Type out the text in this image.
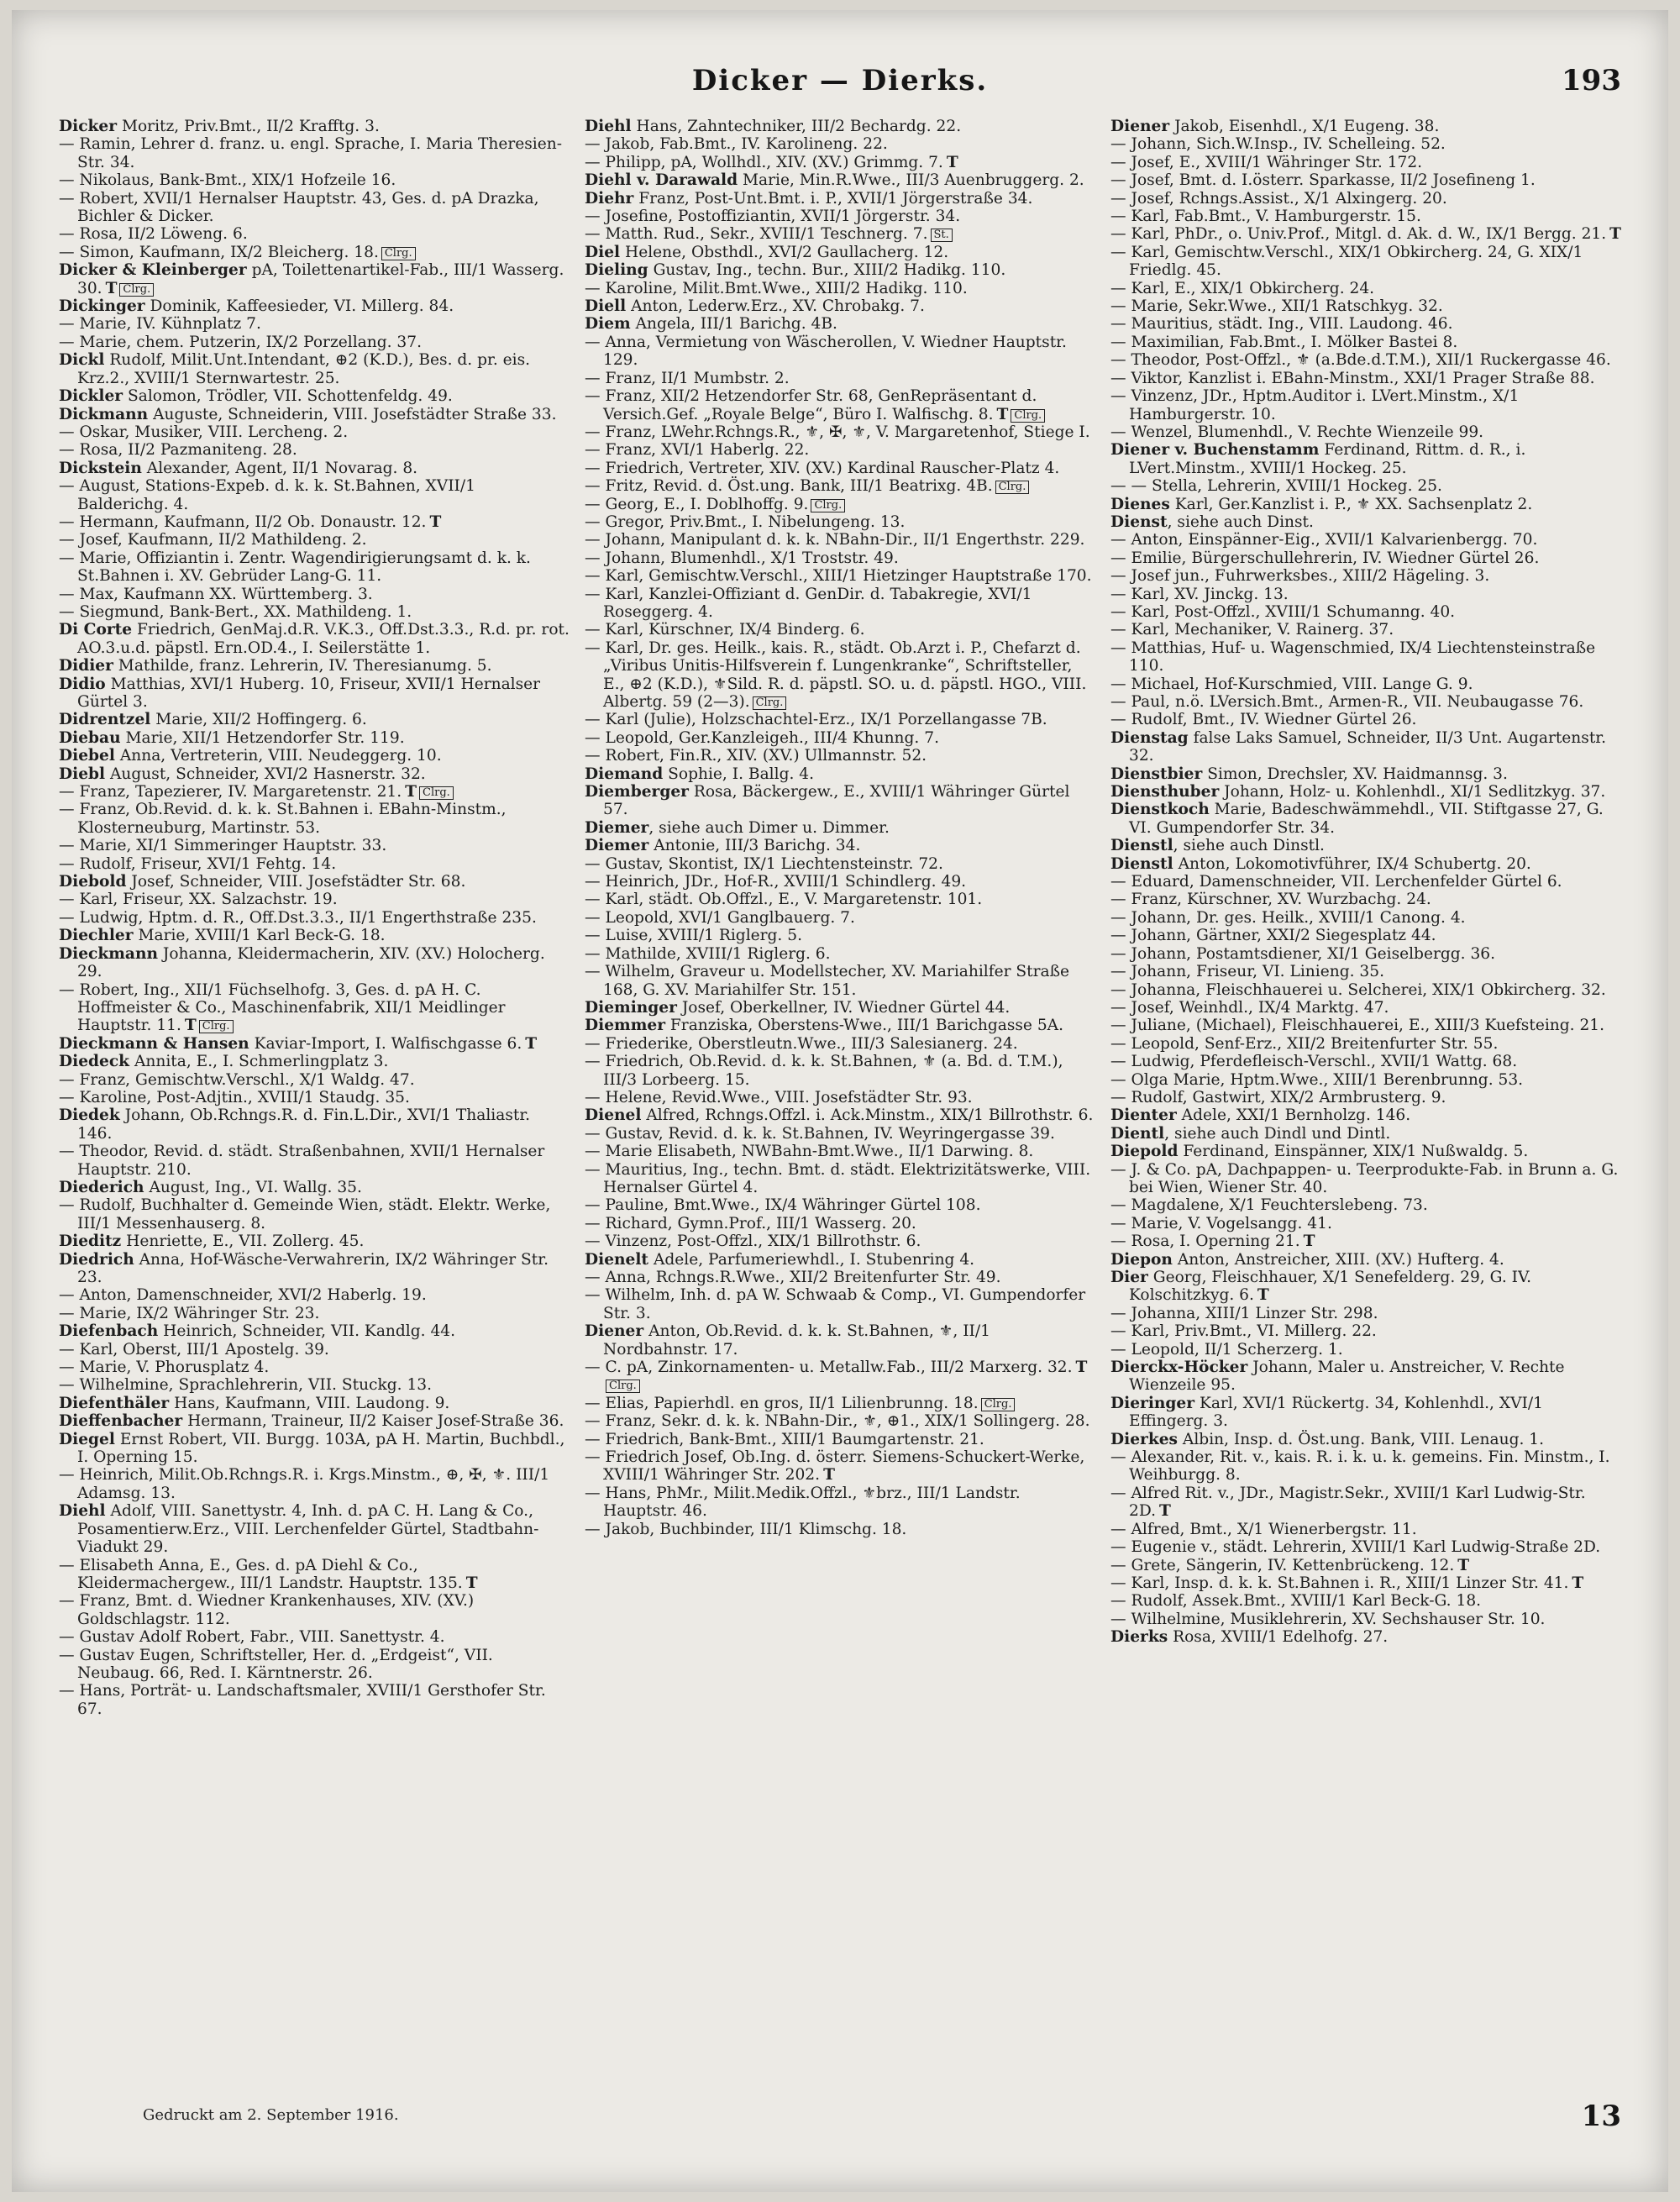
Dicker — Dierks.	193

Dicker Moritz, Priv.Bmt., II/2 Krafftg. 3.

— Ramin, Lehrer d. franz. u. engl. Sprache, I. Maria Theresien-Str. 34.

— Nikolaus, Bank-Bmt., XIX/1 Hofzeile 16.

— Robert, XVII/1 Hernalser Hauptstr. 43, Ges. d. pA Drazka, Bichler & Dicker.

— Rosa, II/2 Löweng. 6.

— Simon, Kaufmann, IX/2 Bleicherg. 18. Clrg.

Dicker & Kleinberger pA, Toilettenartikel-Fab., III/1 Wasserg. 30. T Clrg.

Dickinger Dominik, Kaffeesieder, VI. Millerg. 84.

— Marie, IV. Kühnplatz 7.

— Marie, chem. Putzerin, IX/2 Porzellang. 37.

Dickl Rudolf, Milit.Unt.Intendant, ⊕2 (K.D.), Bes. d. pr. eis. Krz.2., XVIII/1 Sternwartestr. 25.

Dickler Salomon, Trödler, VII. Schottenfeldg. 49.

Dickmann Auguste, Schneiderin, VIII. Josefstädter Straße 33.

— Oskar, Musiker, VIII. Lercheng. 2.

— Rosa, II/2 Pazmaniteng. 28.

Dickstein Alexander, Agent, II/1 Novarag. 8.

— August, Stations-Expeb. d. k. k. St.Bahnen, XVII/1 Balderichg. 4.

— Hermann, Kaufmann, II/2 Ob. Donaustr. 12. T

— Josef, Kaufmann, II/2 Mathildeng. 2.

— Marie, Offiziantin i. Zentr. Wagendirigierungsamt d. k. k. St.Bahnen i. XV. Gebrüder Lang-G. 11.

— Max, Kaufmann XX. Württemberg. 3.

— Siegmund, Bank-Bert., XX. Mathildeng. 1.

Di Corte Friedrich, GenMaj.d.R. V.K.3., Off.Dst.3.3., R.d. pr. rot. AO.3.u.d. päpstl. Ern.OD.4., I. Seilerstätte 1.

Didier Mathilde, franz. Lehrerin, IV. Theresianumg. 5.

Didio Matthias, XVI/1 Huberg. 10, Friseur, XVII/1 Hernalser Gürtel 3.

Didrentzel Marie, XII/2 Hoffingerg. 6.

Diebau Marie, XII/1 Hetzendorfer Str. 119.

Diebel Anna, Vertreterin, VIII. Neudeggerg. 10.

Diebl August, Schneider, XVI/2 Hasnerstr. 32.

— Franz, Tapezierer, IV. Margaretenstr. 21. T Clrg.

— Franz, Ob.Revid. d. k. k. St.Bahnen i. EBahn-Minstm., Klosterneuburg, Martinstr. 53.

— Marie, XI/1 Simmeringer Hauptstr. 33.

— Rudolf, Friseur, XVI/1 Fehtg. 14.

Diebold Josef, Schneider, VIII. Josefstädter Str. 68.

— Karl, Friseur, XX. Salzachstr. 19.

— Ludwig, Hptm. d. R., Off.Dst.3.3., II/1 Engerthstraße 235.

Diechler Marie, XVIII/1 Karl Beck-G. 18.

Dieckmann Johanna, Kleidermacherin, XIV. (XV.) Holocherg. 29.

— Robert, Ing., XII/1 Füchselhofg. 3, Ges. d. pA H. C. Hoffmeister & Co., Maschinenfabrik, XII/1 Meidlinger Hauptstr. 11. T Clrg.

Dieckmann & Hansen Kaviar-Import, I. Walfischgasse 6. T

Diedeck Annita, E., I. Schmerlingplatz 3.

— Franz, Gemischtw.Verschl., X/1 Waldg. 47.

— Karoline, Post-Adjtin., XVIII/1 Staudg. 35.

Diedek Johann, Ob.Rchngs.R. d. Fin.L.Dir., XVI/1 Thaliastr. 146.

— Theodor, Revid. d. städt. Straßenbahnen, XVII/1 Hernalser Hauptstr. 210.

Diederich August, Ing., VI. Wallg. 35.

— Rudolf, Buchhalter d. Gemeinde Wien, städt. Elektr. Werke, III/1 Messenhauserg. 8.

Dieditz Henriette, E., VII. Zollerg. 45.

Diedrich Anna, Hof-Wäsche-Verwahrerin, IX/2 Währinger Str. 23.

— Anton, Damenschneider, XVI/2 Haberlg. 19.

— Marie, IX/2 Währinger Str. 23.

Diefenbach Heinrich, Schneider, VII. Kandlg. 44.

— Karl, Oberst, III/1 Apostelg. 39.

— Marie, V. Phorusplatz 4.

— Wilhelmine, Sprachlehrerin, VII. Stuckg. 13.

Diefenthäler Hans, Kaufmann, VIII. Laudong. 9.

Dieffenbacher Hermann, Traineur, II/2 Kaiser Josef-Straße 36.

Diegel Ernst Robert, VII. Burgg. 103A, pA H. Martin, Buchbdl., I. Operning 15.

— Heinrich, Milit.Ob.Rchngs.R. i. Krgs.Minstm., ⊕, ✠, ⚜. III/1 Adamsg. 13.

Diehl Adolf, VIII. Sanettystr. 4, Inh. d. pA C. H. Lang & Co., Posamentierw.Erz., VIII. Lerchenfelder Gürtel, Stadtbahn-Viadukt 29.

— Elisabeth Anna, E., Ges. d. pA Diehl & Co., Kleidermachergew., III/1 Landstr. Hauptstr. 135. T

— Franz, Bmt. d. Wiedner Krankenhauses, XIV. (XV.) Goldschlagstr. 112.

— Gustav Adolf Robert, Fabr., VIII. Sanettystr. 4.

— Gustav Eugen, Schriftsteller, Her. d. „Erdgeist“, VII. Neubaug. 66, Red. I. Kärntnerstr. 26.

— Hans, Porträt- u. Landschaftsmaler, XVIII/1 Gersthofer Str. 67.

Diehl Hans, Zahntechniker, III/2 Bechardg. 22.

— Jakob, Fab.Bmt., IV. Karolineng. 22.

— Philipp, pA, Wollhdl., XIV. (XV.) Grimmg. 7. T

Diehl v. Darawald Marie, Min.R.Wwe., III/3 Auenbruggerg. 2.

Diehr Franz, Post-Unt.Bmt. i. P., XVII/1 Jörgerstraße 34.

— Josefine, Postoffiziantin, XVII/1 Jörgerstr. 34.

— Matth. Rud., Sekr., XVIII/1 Teschnerg. 7. St.

Diel Helene, Obsthdl., XVI/2 Gaullacherg. 12.

Dieling Gustav, Ing., techn. Bur., XIII/2 Hadikg. 110.

— Karoline, Milit.Bmt.Wwe., XIII/2 Hadikg. 110.

Diell Anton, Lederw.Erz., XV. Chrobakg. 7.

Diem Angela, III/1 Barichg. 4B.

— Anna, Vermietung von Wäscherollen, V. Wiedner Hauptstr. 129.

— Franz, II/1 Mumbstr. 2.

— Franz, XII/2 Hetzendorfer Str. 68, GenRepräsentant d. Versich.Gef. „Royale Belge“, Büro I. Walfischg. 8. T Clrg.

— Franz, LWehr.Rchngs.R., ⚜, ✠, ⚜, V. Margaretenhof, Stiege I.

— Franz, XVI/1 Haberlg. 22.

— Friedrich, Vertreter, XIV. (XV.) Kardinal Rauscher-Platz 4.

— Fritz, Revid. d. Öst.ung. Bank, III/1 Beatrixg. 4B. Clrg.

— Georg, E., I. Doblhoffg. 9. Clrg.

— Gregor, Priv.Bmt., I. Nibelungeng. 13.

— Johann, Manipulant d. k. k. NBahn-Dir., II/1 Engerthstr. 229.

— Johann, Blumenhdl., X/1 Troststr. 49.

— Karl, Gemischtw.Verschl., XIII/1 Hietzinger Hauptstraße 170.

— Karl, Kanzlei-Offiziant d. GenDir. d. Tabakregie, XVI/1 Roseggerg. 4.

— Karl, Kürschner, IX/4 Binderg. 6.

— Karl, Dr. ges. Heilk., kais. R., städt. Ob.Arzt i. P., Chefarzt d. „Viribus Unitis-Hilfsverein f. Lungenkranke“, Schriftsteller, E., ⊕2 (K.D.), ⚜Sild. R. d. päpstl. SO. u. d. päpstl. HGO., VIII. Albertg. 59 (2—3). Clrg.

— Karl (Julie), Holzschachtel-Erz., IX/1 Porzellangasse 7B.

— Leopold, Ger.Kanzleigeh., III/4 Khunng. 7.

— Robert, Fin.R., XIV. (XV.) Ullmannstr. 52.

Diemand Sophie, I. Ballg. 4.

Diemberger Rosa, Bäckergew., E., XVIII/1 Währinger Gürtel 57.

Diemer, siehe auch Dimer u. Dimmer.

Diemer Antonie, III/3 Barichg. 34.

— Gustav, Skontist, IX/1 Liechtensteinstr. 72.

— Heinrich, JDr., Hof-R., XVIII/1 Schindlerg. 49.

— Karl, städt. Ob.Offzl., E., V. Margaretenstr. 101.

— Leopold, XVI/1 Ganglbauerg. 7.

— Luise, XVIII/1 Riglerg. 5.

— Mathilde, XVIII/1 Riglerg. 6.

— Wilhelm, Graveur u. Modellstecher, XV. Mariahilfer Straße 168, G. XV. Mariahilfer Str. 151.

Dieminger Josef, Oberkellner, IV. Wiedner Gürtel 44.

Diemmer Franziska, Oberstens-Wwe., III/1 Barichgasse 5A.

— Friederike, Oberstleutn.Wwe., III/3 Salesianerg. 24.

— Friedrich, Ob.Revid. d. k. k. St.Bahnen, ⚜ (a. Bd. d. T.M.), III/3 Lorbeerg. 15.

— Helene, Revid.Wwe., VIII. Josefstädter Str. 93.

Dienel Alfred, Rchngs.Offzl. i. Ack.Minstm., XIX/1 Billrothstr. 6.

— Gustav, Revid. d. k. k. St.Bahnen, IV. Weyringergasse 39.

— Marie Elisabeth, NWBahn-Bmt.Wwe., II/1 Darwing. 8.

— Mauritius, Ing., techn. Bmt. d. städt. Elektrizitätswerke, VIII. Hernalser Gürtel 4.

— Pauline, Bmt.Wwe., IX/4 Währinger Gürtel 108.

— Richard, Gymn.Prof., III/1 Wasserg. 20.

— Vinzenz, Post-Offzl., XIX/1 Billrothstr. 6.

Dienelt Adele, Parfumeriewhdl., I. Stubenring 4.

— Anna, Rchngs.R.Wwe., XII/2 Breitenfurter Str. 49.

— Wilhelm, Inh. d. pA W. Schwaab & Comp., VI. Gumpendorfer Str. 3.

Diener Anton, Ob.Revid. d. k. k. St.Bahnen, ⚜, II/1 Nordbahnstr. 17.

— C. pA, Zinkornamenten- u. Metallw.Fab., III/2 Marxerg. 32. TClrg.

— Elias, Papierhdl. en gros, II/1 Lilienbrunng. 18. Clrg.

— Franz, Sekr. d. k. k. NBahn-Dir., ⚜, ⊕1., XIX/1 Sollingerg. 28.

— Friedrich, Bank-Bmt., XIII/1 Baumgartenstr. 21.

— Friedrich Josef, Ob.Ing. d. österr. Siemens-Schuckert-Werke, XVIII/1 Währinger Str. 202. T

— Hans, PhMr., Milit.Medik.Offzl., ⚜brz., III/1 Landstr. Hauptstr. 46.

— Jakob, Buchbinder, III/1 Klimschg. 18.

Diener Jakob, Eisenhdl., X/1 Eugeng. 38.

— Johann, Sich.W.Insp., IV. Schelleing. 52.

— Josef, E., XVIII/1 Währinger Str. 172.

— Josef, Bmt. d. I.österr. Sparkasse, II/2 Josefineng 1.

— Josef, Rchngs.Assist., X/1 Alxingerg. 20.

— Karl, Fab.Bmt., V. Hamburgerstr. 15.

— Karl, PhDr., o. Univ.Prof., Mitgl. d. Ak. d. W., IX/1 Bergg. 21. T

— Karl, Gemischtw.Verschl., XIX/1 Obkircherg. 24, G. XIX/1 Friedlg. 45.

— Karl, E., XIX/1 Obkircherg. 24.

— Marie, Sekr.Wwe., XII/1 Ratschkyg. 32.

— Mauritius, städt. Ing., VIII. Laudong. 46.

— Maximilian, Fab.Bmt., I. Mölker Bastei 8.

— Theodor, Post-Offzl., ⚜ (a.Bde.d.T.M.), XII/1 Ruckergasse 46.

— Viktor, Kanzlist i. EBahn-Minstm., XXI/1 Prager Straße 88.

— Vinzenz, JDr., Hptm.Auditor i. LVert.Minstm., X/1 Hamburgerstr. 10.

— Wenzel, Blumenhdl., V. Rechte Wienzeile 99.

Diener v. Buchenstamm Ferdinand, Rittm. d. R., i. LVert.Minstm., XVIII/1 Hockeg. 25.

— — Stella, Lehrerin, XVIII/1 Hockeg. 25.

Dienes Karl, Ger.Kanzlist i. P., ⚜ XX. Sachsenplatz 2.

Dienst, siehe auch Dinst.

— Anton, Einspänner-Eig., XVII/1 Kalvarienbergg. 70.

— Emilie, Bürgerschullehrerin, IV. Wiedner Gürtel 26.

— Josef jun., Fuhrwerksbes., XIII/2 Hägeling. 3.

— Karl, XV. Jinckg. 13.

— Karl, Post-Offzl., XVIII/1 Schumanng. 40.

— Karl, Mechaniker, V. Rainerg. 37.

— Matthias, Huf- u. Wagenschmied, IX/4 Liechtensteinstraße 110.

— Michael, Hof-Kurschmied, VIII. Lange G. 9.

— Paul, n.ö. LVersich.Bmt., Armen-R., VII. Neubaugasse 76.

— Rudolf, Bmt., IV. Wiedner Gürtel 26.

Dienstag false Laks Samuel, Schneider, II/3 Unt. Augartenstr. 32.

Dienstbier Simon, Drechsler, XV. Haidmannsg. 3.

Diensthuber Johann, Holz- u. Kohlenhdl., XI/1 Sedlitzkyg. 37.

Dienstkoch Marie, Badeschwämmehdl., VII. Stiftgasse 27, G. VI. Gumpendorfer Str. 34.

Dienstl, siehe auch Dinstl.

Dienstl Anton, Lokomotivführer, IX/4 Schubertg. 20.

— Eduard, Damenschneider, VII. Lerchenfelder Gürtel 6.

— Franz, Kürschner, XV. Wurzbachg. 24.

— Johann, Dr. ges. Heilk., XVIII/1 Canong. 4.

— Johann, Gärtner, XXI/2 Siegesplatz 44.

— Johann, Postamtsdiener, XI/1 Geiselbergg. 36.

— Johann, Friseur, VI. Linieng. 35.

— Johanna, Fleischhauerei u. Selcherei, XIX/1 Obkircherg. 32.

— Josef, Weinhdl., IX/4 Marktg. 47.

— Juliane, (Michael), Fleischhauerei, E., XIII/3 Kuefsteing. 21.

— Leopold, Senf-Erz., XII/2 Breitenfurter Str. 55.

— Ludwig, Pferdefleisch-Verschl., XVII/1 Wattg. 68.

— Olga Marie, Hptm.Wwe., XIII/1 Berenbrunng. 53.

— Rudolf, Gastwirt, XIX/2 Armbrusterg. 9.

Dienter Adele, XXI/1 Bernholzg. 146.

Dientl, siehe auch Dindl und Dintl.

Diepold Ferdinand, Einspänner, XIX/1 Nußwaldg. 5.

— J. & Co. pA, Dachpappen- u. Teerprodukte-Fab. in Brunn a. G. bei Wien, Wiener Str. 40.

— Magdalene, X/1 Feuchterslebeng. 73.

— Marie, V. Vogelsangg. 41.

— Rosa, I. Operning 21. T

Diepon Anton, Anstreicher, XIII. (XV.) Hufterg. 4.

Dier Georg, Fleischhauer, X/1 Senefelderg. 29, G. IV. Kolschitzkyg. 6. T

— Johanna, XIII/1 Linzer Str. 298.

— Karl, Priv.Bmt., VI. Millerg. 22.

— Leopold, II/1 Scherzerg. 1.

Dierckx-Höcker Johann, Maler u. Anstreicher, V. Rechte Wienzeile 95.

Dieringer Karl, XVI/1 Rückertg. 34, Kohlenhdl., XVI/1 Effingerg. 3.

Dierkes Albin, Insp. d. Öst.ung. Bank, VIII. Lenaug. 1.

— Alexander, Rit. v., kais. R. i. k. u. k. gemeins. Fin. Minstm., I. Weihburgg. 8.

— Alfred Rit. v., JDr., Magistr.Sekr., XVIII/1 Karl Ludwig-Str. 2D. T

— Alfred, Bmt., X/1 Wienerbergstr. 11.

— Eugenie v., städt. Lehrerin, XVIII/1 Karl Ludwig-Straße 2D.

— Grete, Sängerin, IV. Kettenbrückeng. 12. T

— Karl, Insp. d. k. k. St.Bahnen i. R., XIII/1 Linzer Str. 41. T

— Rudolf, Assek.Bmt., XVIII/1 Karl Beck-G. 18.

— Wilhelmine, Musiklehrerin, XV. Sechshauser Str. 10.

Dierks Rosa, XVIII/1 Edelhofg. 27.

Gedruckt am 2. September 1916.	13
